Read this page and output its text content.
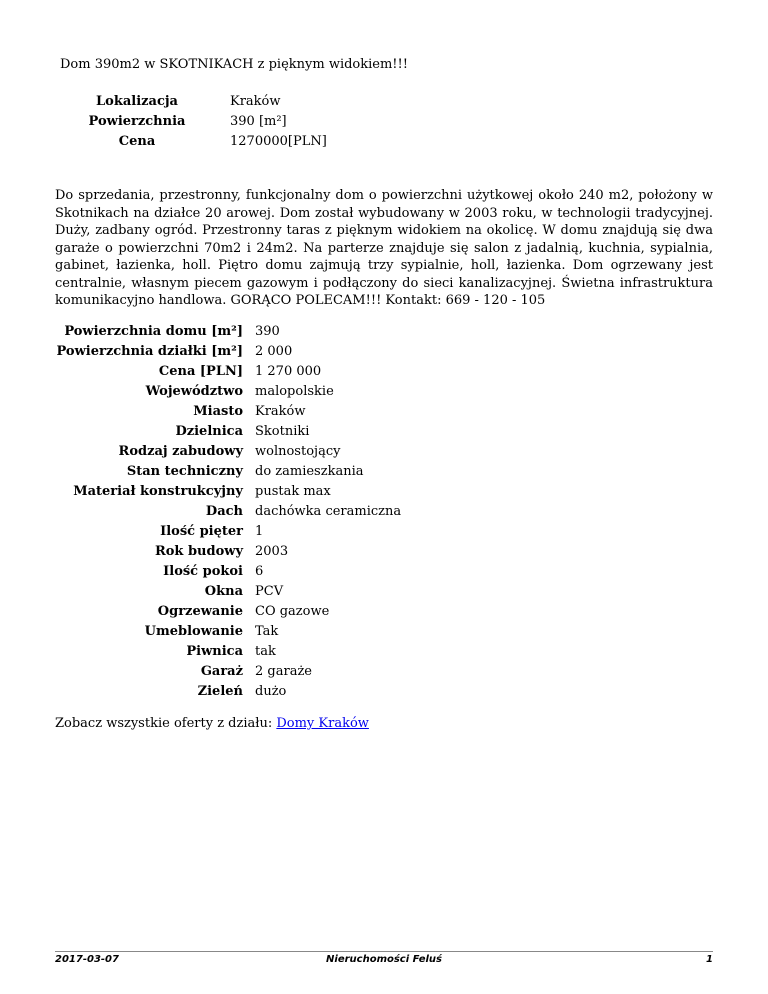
Dom 390m2 w SKOTNIKACH z pięknym widokiem!!!
Lokalizacja	Kraków
Powierzchnia	390 [m²]
Cena	1270000[PLN]
Do sprzedania, przestronny, funkcjonalny dom o powierzchni użytkowej około 240 m2, położony w Skotnikach na działce 20 arowej. Dom został wybudowany w 2003 roku, w technologii tradycyjnej. Duży, zadbany ogród. Przestronny taras z pięknym widokiem na okolicę. W domu znajdują się dwa garaże o powierzchni 70m2 i 24m2. Na parterze znajduje się salon z jadalnią, kuchnia, sypialnia, gabinet, łazienka, holl. Piętro domu zajmują trzy sypialnie, holl, łazienka. Dom ogrzewany jest centralnie, własnym piecem gazowym i podłączony do sieci kanalizacyjnej. Świetna infrastruktura komunikacyjno handlowa. GORĄCO POLECAM!!! Kontakt: 669 - 120 - 105
Powierzchnia domu [m²]	390
Powierzchnia działki [m²]	2 000
Cena [PLN]	1 270 000
Województwo	malopolskie
Miasto	Kraków
Dzielnica	Skotniki
Rodzaj zabudowy	wolnostojący
Stan techniczny	do zamieszkania
Materiał konstrukcyjny	pustak max
Dach	dachówka ceramiczna
Ilość pięter	1
Rok budowy	2003
Ilość pokoi	6
Okna	PCV
Ogrzewanie	CO gazowe
Umeblowanie	Tak
Piwnica	tak
Garaż	2 garaże
Zieleń	dużo
Zobacz wszystkie oferty z działu: Domy Kraków
2017-03-07	Nieruchomości Feluś	1
